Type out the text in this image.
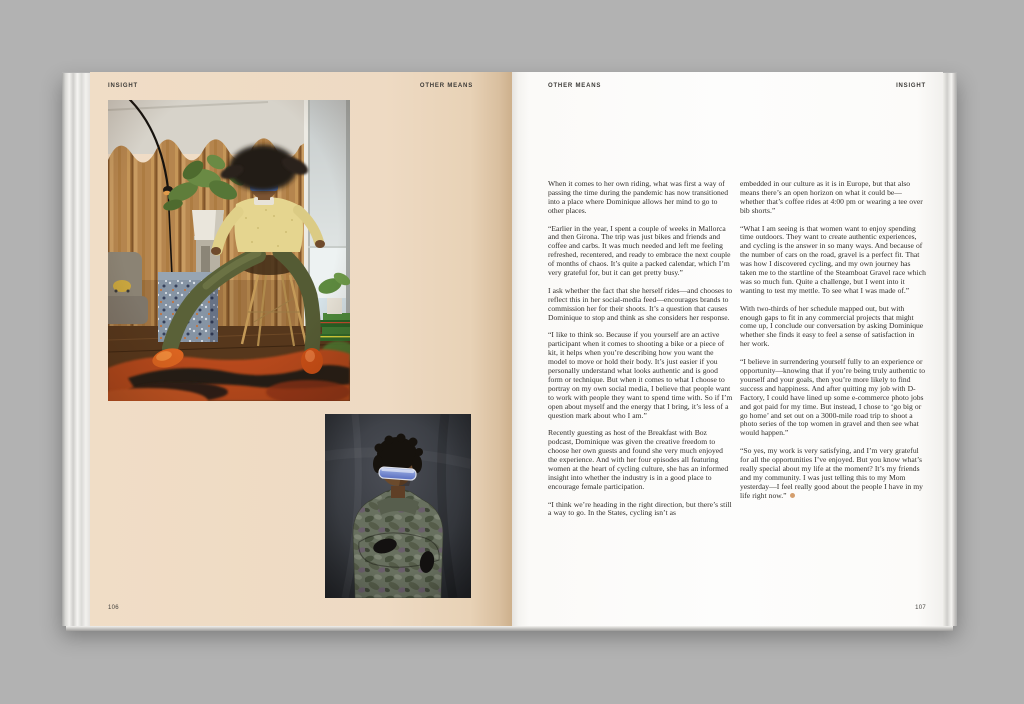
INSIGHT	OTHER MEANS
106
OTHER MEANS	INSIGHT

When it comes to her own riding, what was first a way of passing the time during the pandemic has now transitioned into a place where Dominique allows her mind to go to other places.

“Earlier in the year, I spent a couple of weeks in Mallorca and then Girona. The trip was just bikes and friends and coffee and carbs. It was much needed and left me feeling refreshed, recentered, and ready to embrace the next couple of months of chaos. It’s quite a packed calendar, which I’m very grateful for, but it can get pretty busy.”

I ask whether the fact that she herself rides—and chooses to reflect this in her social-media feed—encourages brands to commission her for their shoots. It’s a question that causes Dominique to stop and think as she considers her response.

“I like to think so. Because if you yourself are an active participant when it comes to shooting a bike or a piece of kit, it helps when you’re describing how you want the model to move or hold their body. It’s just easier if you personally understand what looks authentic and is good form or technique. But when it comes to what I choose to portray on my own social media, I believe that people want to work with people they want to spend time with. So if I’m open about myself and the energy that I bring, it’s less of a question mark about who I am.”

Recently guesting as host of the Breakfast with Boz podcast, Dominique was given the creative freedom to choose her own guests and found she very much enjoyed the experience. And with her four episodes all featuring women at the heart of cycling culture, she has an informed insight into whether the industry is in a good place to encourage female participation.

“I think we’re heading in the right direction, but there’s still a way to go. In the States, cycling isn’t as

embedded in our culture as it is in Europe, but that also means there’s an open horizon on what it could be—whether that’s coffee rides at 4:00 pm or wearing a tee over bib shorts.”

“What I am seeing is that women want to enjoy spending time outdoors. They want to create authentic experiences, and cycling is the answer in so many ways. And because of the number of cars on the road, gravel is a perfect fit. That was how I discovered cycling, and my own journey has taken me to the startline of the Steamboat Gravel race which was so much fun. Quite a challenge, but I went into it wanting to test my mettle. To see what I was made of.”

With two-thirds of her schedule mapped out, but with enough gaps to fit in any commercial projects that might come up, I conclude our conversation by asking Dominique whether she finds it easy to feel a sense of satisfaction in her work.

“I believe in surrendering yourself fully to an experience or opportunity—knowing that if you’re being truly authentic to yourself and your goals, then you’re more likely to find success and happiness. And after quitting my job with D-Factory, I could have lined up some e-commerce photo jobs and got paid for my time. But instead, I chose to ‘go big or go home’ and set out on a 3000-mile road trip to shoot a photo series of the top women in gravel and then see what would happen.”

“So yes, my work is very satisfying, and I’m very grateful for all the opportunities I’ve enjoyed. But you know what’s really special about my life at the moment? It’s my friends and my community. I was just telling this to my Mom yesterday—I feel really good about the people I have in my life right now.”

107
